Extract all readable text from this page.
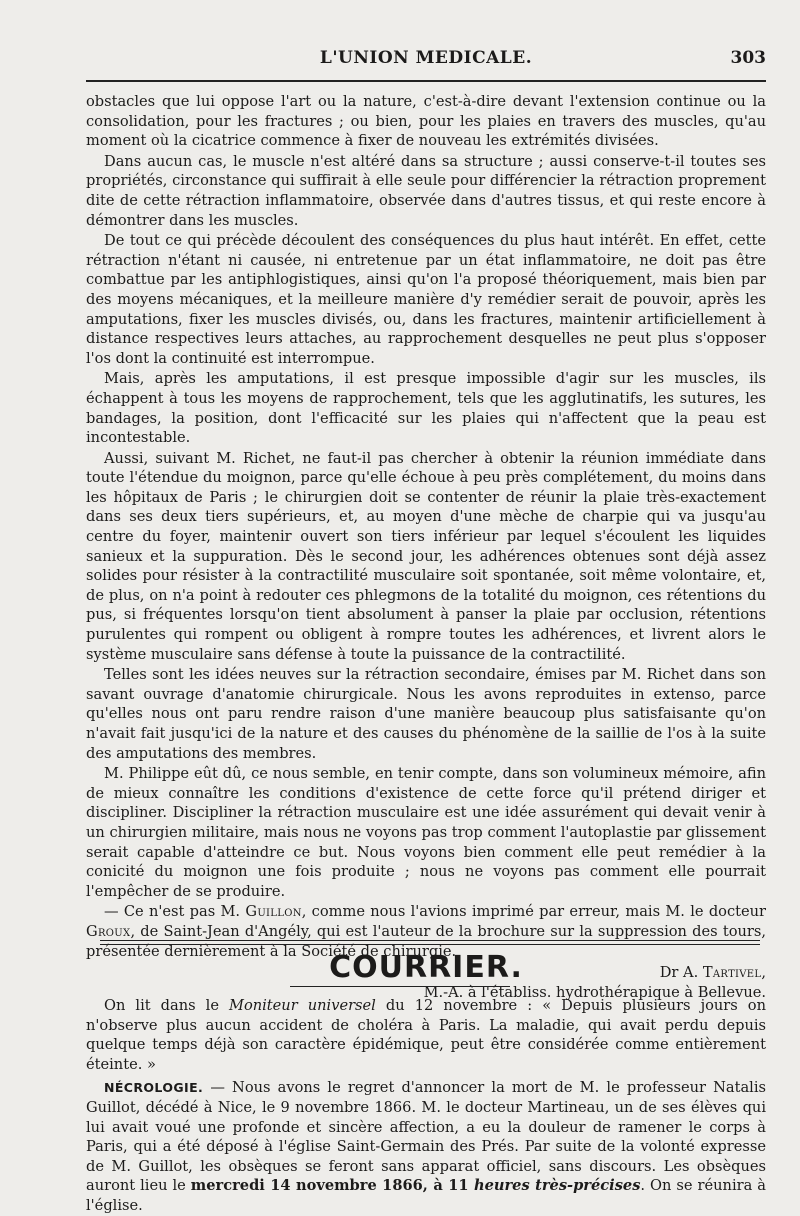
L'UNION MEDICALE.	303

obstacles que lui oppose l'art ou la nature, c'est-à-dire devant l'extension continue ou la consolidation, pour les fractures ; ou bien, pour les plaies en travers des muscles, qu'au moment où la cicatrice commence à fixer de nouveau les extrémités divisées.

Dans aucun cas, le muscle n'est altéré dans sa structure ; aussi conserve-t-il toutes ses propriétés, circonstance qui suffirait à elle seule pour différencier la rétraction proprement dite de cette rétraction inflammatoire, observée dans d'autres tissus, et qui reste encore à démontrer dans les muscles.

De tout ce qui précède découlent des conséquences du plus haut intérêt. En effet, cette rétraction n'étant ni causée, ni entretenue par un état inflammatoire, ne doit pas être combattue par les antiphlogistiques, ainsi qu'on l'a proposé théoriquement, mais bien par des moyens mécaniques, et la meilleure manière d'y remédier serait de pouvoir, après les amputations, fixer les muscles divisés, ou, dans les fractures, maintenir artificiellement à distance respectives leurs attaches, au rapprochement desquelles ne peut plus s'opposer l'os dont la continuité est interrompue.

Mais, après les amputations, il est presque impossible d'agir sur les muscles, ils échappent à tous les moyens de rapprochement, tels que les agglutinatifs, les sutures, les bandages, la position, dont l'efficacité sur les plaies qui n'affectent que la peau est incontestable.

Aussi, suivant M. Richet, ne faut-il pas chercher à obtenir la réunion immédiate dans toute l'étendue du moignon, parce qu'elle échoue à peu près complétement, du moins dans les hôpitaux de Paris ; le chirurgien doit se contenter de réunir la plaie très-exactement dans ses deux tiers supérieurs, et, au moyen d'une mèche de charpie qui va jusqu'au centre du foyer, maintenir ouvert son tiers inférieur par lequel s'écoulent les liquides sanieux et la suppuration. Dès le second jour, les adhérences obtenues sont déjà assez solides pour résister à la contractilité musculaire soit spontanée, soit même volontaire, et, de plus, on n'a point à redouter ces phlegmons de la totalité du moignon, ces rétentions du pus, si fréquentes lorsqu'on tient absolument à panser la plaie par occlusion, rétentions purulentes qui rompent ou obligent à rompre toutes les adhérences, et livrent alors le système musculaire sans défense à toute la puissance de la contractilité.

Telles sont les idées neuves sur la rétraction secondaire, émises par M. Richet dans son savant ouvrage d'anatomie chirurgicale. Nous les avons reproduites in extenso, parce qu'elles nous ont paru rendre raison d'une manière beaucoup plus satisfaisante qu'on n'avait fait jusqu'ici de la nature et des causes du phénomène de la saillie de l'os à la suite des amputations des membres.

M. Philippe eût dû, ce nous semble, en tenir compte, dans son volumineux mémoire, afin de mieux connaître les conditions d'existence de cette force qu'il prétend diriger et discipliner. Discipliner la rétraction musculaire est une idée assurément qui devait venir à un chirurgien militaire, mais nous ne voyons pas trop comment l'autoplastie par glissement serait capable d'atteindre ce but. Nous voyons bien comment elle peut remédier à la conicité du moignon une fois produite ; nous ne voyons pas comment elle pourrait l'empêcher de se produire.

— Ce n'est pas M. Guillon, comme nous l'avions imprimé par erreur, mais M. le docteur Groux, de Saint-Jean d'Angély, qui est l'auteur de la brochure sur la suppression des tours, présentée dernièrement à la Société de chirurgie.

Dr A. Tartivel,
M.-A. à l'établiss. hydrothérapique à Bellevue.
COURRIER.

On lit dans le Moniteur universel du 12 novembre : « Depuis plusieurs jours on n'observe plus aucun accident de choléra à Paris. La maladie, qui avait perdu depuis quelque temps déjà son caractère épidémique, peut être considérée comme entièrement éteinte. »

NÉCROLOGIE. — Nous avons le regret d'annoncer la mort de M. le professeur Natalis Guillot, décédé à Nice, le 9 novembre 1866. M. le docteur Martineau, un de ses élèves qui lui avait voué une profonde et sincère affection, a eu la douleur de ramener le corps à Paris, qui a été déposé à l'église Saint-Germain des Prés. Par suite de la volonté expresse de M. Guillot, les obsèques se feront sans apparat officiel, sans discours. Les obsèques auront lieu le mercredi 14 novembre 1866, à 11 heures très-précises. On se réunira à l'église.
